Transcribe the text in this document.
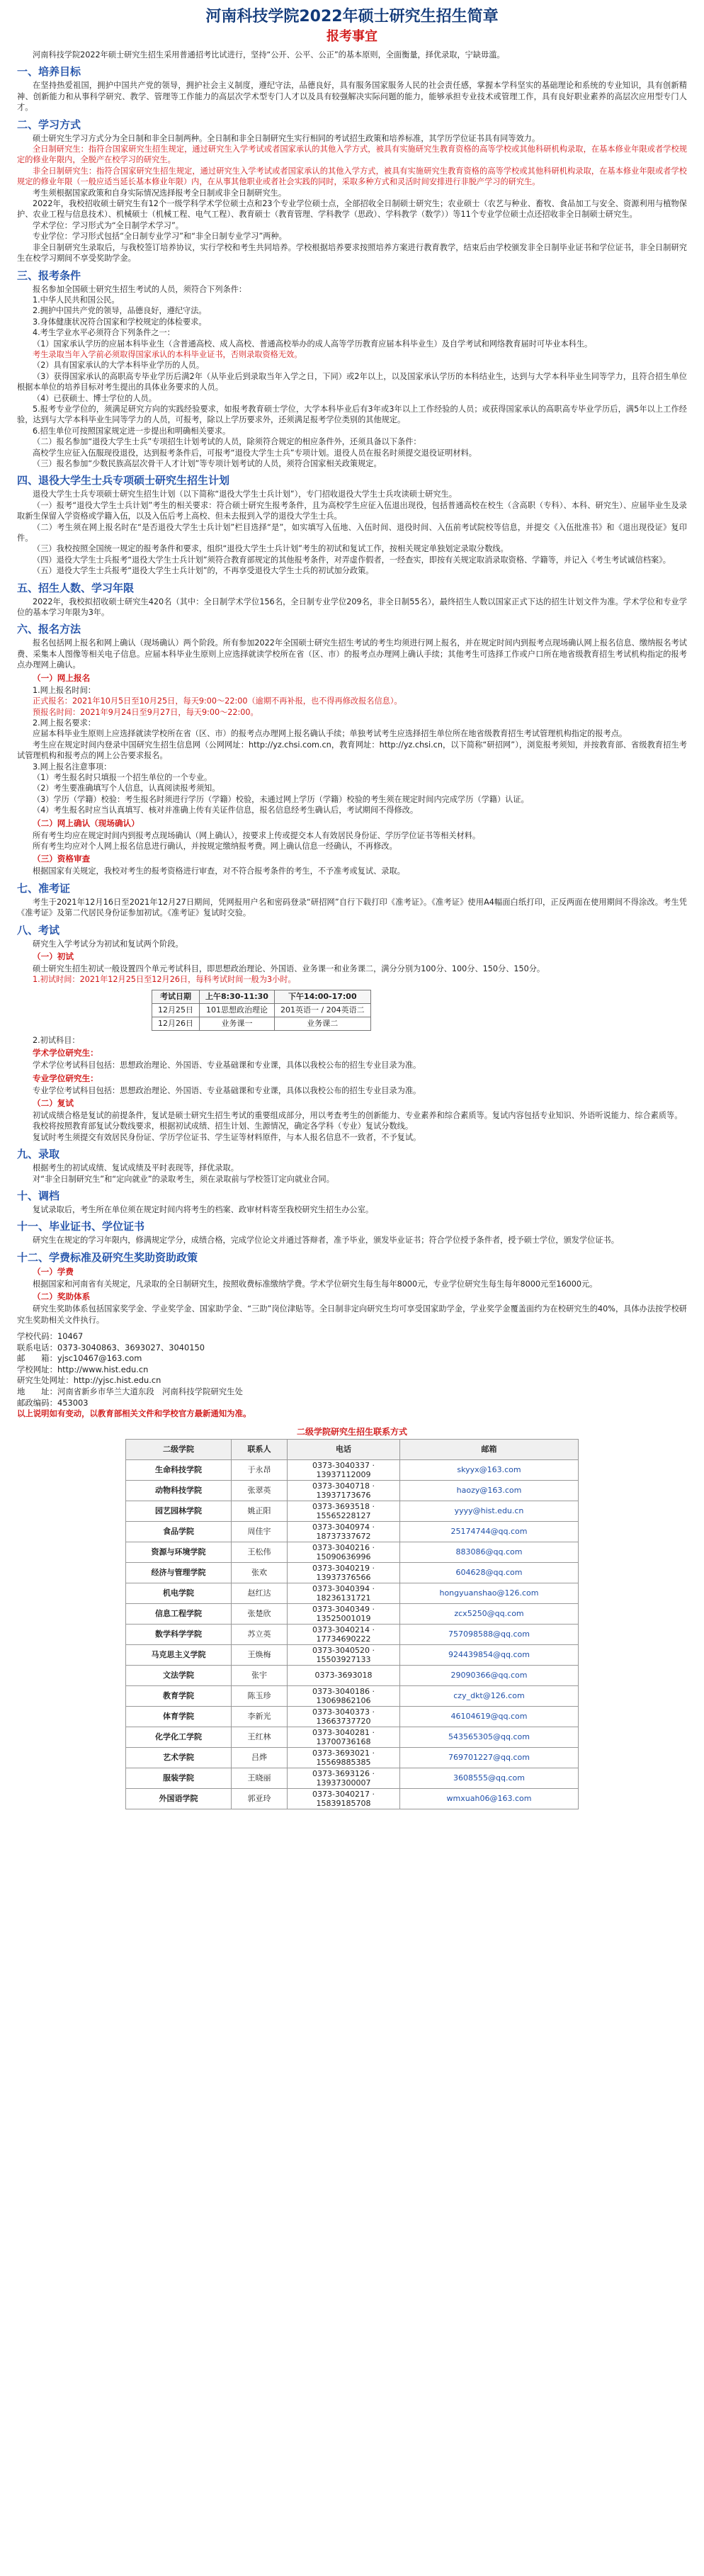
河南科技学院2022年硕士研究生招生简章
报考事宜

河南科技学院2022年硕士研究生招生采用普通招考比试进行，坚持“公开、公平、公正”的基本原则，全面衡量，择优录取，宁缺毋滥。

一、培养目标

在坚持热爱祖国，拥护中国共产党的领导，拥护社会主义制度，遵纪守法，品德良好，具有服务国家服务人民的社会责任感，掌握本学科坚实的基础理论和系统的专业知识，具有创新精神、创新能力和从事科学研究、教学、管理等工作能力的高层次学术型专门人才以及具有较强解决实际问题的能力，能够承担专业技术或管理工作，具有良好职业素养的高层次应用型专门人才。

二、学习方式

硕士研究生学习方式分为全日制和非全日制两种。全日制和非全日制研究生实行相同的考试招生政策和培养标准，其学历学位证书具有同等效力。

全日制研究生：指符合国家研究生招生规定，通过研究生入学考试或者国家承认的其他入学方式，被具有实施研究生教育资格的高等学校或其他科研机构录取，在基本修业年限或者学校规定的修业年限内，全脱产在校学习的研究生。

非全日制研究生：指符合国家研究生招生规定，通过研究生入学考试或者国家承认的其他入学方式，被具有实施研究生教育资格的高等学校或其他科研机构录取，在基本修业年限或者学校规定的修业年限（一般应适当延长基本修业年限）内，在从事其他职业或者社会实践的同时，采取多种方式和灵活时间安排进行非脱产学习的研究生。

考生须根据国家政策和自身实际情况选择报考全日制或非全日制研究生。

2022年，我校招收硕士研究生有12个一级学科学术学位硕士点和23个专业学位硕士点，全部招收全日制硕士研究生；农业硕士（农艺与种业、畜牧、食品加工与安全、资源利用与植物保护、农业工程与信息技术）、机械硕士（机械工程、电气工程）、教育硕士（教育管理、学科教学（思政）、学科教学（数学））等11个专业学位硕士点还招收非全日制硕士研究生。

学术学位：学习形式为“全日制学术学习”。

专业学位：学习形式包括“全日制专业学习”和“非全日制专业学习”两种。

非全日制研究生录取后，与我校签订培养协议，实行学校和考生共同培养。学校根据培养要求按照培养方案进行教育教学，结束后由学校颁发非全日制毕业证书和学位证书，非全日制研究生在校学习期间不享受奖助学金。

三、报考条件

报名参加全国硕士研究生招生考试的人员，须符合下列条件：

1.中华人民共和国公民。

2.拥护中国共产党的领导，品德良好，遵纪守法。

3.身体健康状况符合国家和学校规定的体检要求。

4.考生学业水平必须符合下列条件之一：

（1）国家承认学历的应届本科毕业生（含普通高校、成人高校、普通高校举办的成人高等学历教育应届本科毕业生）及自学考试和网络教育届时可毕业本科生。

考生录取当年入学前必须取得国家承认的本科毕业证书，否则录取资格无效。

（2）具有国家承认的大学本科毕业学历的人员。

（3）获得国家承认的高职高专毕业学历后满2年（从毕业后到录取当年入学之日，下同）或2年以上，以及国家承认学历的本科结业生，达到与大学本科毕业生同等学力，且符合招生单位根据本单位的培养目标对考生提出的具体业务要求的人员。

（4）已获硕士、博士学位的人员。

5.报考专业学位的，须满足研究方向的实践经验要求，如报考教育硕士学位，大学本科毕业后有3年或3年以上工作经验的人员；或获得国家承认的高职高专毕业学历后，满5年以上工作经验，达到与大学本科毕业生同等学力的人员，可报考，除以上学历要求外，还须满足报考学位类别的其他规定。

6.招生单位可按照国家规定进一步提出和明确相关要求。

（二）报名参加“退役大学生士兵”专项招生计划考试的人员，除须符合规定的相应条件外，还须具备以下条件：

高校学生应征入伍服现役退役，达到报考条件后，可报考“退役大学生士兵”专项计划。退役人员在报名时须提交退役证明材料。

（三）报名参加“少数民族高层次骨干人才计划”等专项计划考试的人员，须符合国家相关政策规定。

四、退役大学生士兵专项硕士研究生招生计划

退役大学生士兵专项硕士研究生招生计划（以下简称“退役大学生士兵计划”），专门招收退役大学生士兵攻读硕士研究生。

（一）报考“退役大学生士兵计划”考生的相关要求：符合硕士研究生报考条件，且为高校学生应征入伍退出现役，包括普通高校在校生（含高职（专科）、本科、研究生）、应届毕业生及录取新生保留入学资格或学籍入伍，以及入伍后考上高校、但未去报到入学的退役大学生士兵。

（二）考生须在网上报名时在“是否退役大学生士兵计划”栏目选择“是”，如实填写入伍地、入伍时间、退役时间、入伍前考试院校等信息，并提交《入伍批准书》和《退出现役证》复印件。

（三）我校按照全国统一规定的报考条件和要求，组织“退役大学生士兵计划”考生的初试和复试工作，按相关规定单独划定录取分数线。

（四）退役大学生士兵报考“退役大学生士兵计划”须符合教育部规定的其他报考条件，对弄虚作假者，一经查实，即按有关规定取消录取资格、学籍等，并记入《考生考试诚信档案》。

（五）退役大学生士兵报考“退役大学生士兵计划”的，不再享受退役大学生士兵的初试加分政策。

五、招生人数、学习年限

2022年，我校拟招收硕士研究生420名（其中：全日制学术学位156名，全日制专业学位209名，非全日制55名），最终招生人数以国家正式下达的招生计划文件为准。学术学位和专业学位的基本学习年限为3年。

六、报名方法

报名包括网上报名和网上确认（现场确认）两个阶段。所有参加2022年全国硕士研究生招生考试的考生均须进行网上报名，并在规定时间内到报考点现场确认网上报名信息、缴纳报名考试费、采集本人图像等相关电子信息。应届本科毕业生原则上应选择就读学校所在省（区、市）的报考点办理网上确认手续；其他考生可选择工作或户口所在地省级教育招生考试机构指定的报考点办理网上确认。

（一）网上报名

1.网上报名时间：

正式报名：2021年10月5日至10月25日，每天9:00～22:00（逾期不再补报，也不得再修改报名信息）。

预报名时间：2021年9月24日至9月27日，每天9:00～22:00。

2.网上报名要求：

应届本科毕业生原则上应选择就读学校所在省（区、市）的报考点办理网上报名确认手续；单独考试考生应选择招生单位所在地省级教育招生考试管理机构指定的报考点。

考生应在规定时间内登录中国研究生招生信息网（公网网址：http://yz.chsi.com.cn，教育网址：http://yz.chsi.cn，以下简称“研招网”），浏览报考须知，并按教育部、省级教育招生考试管理机构和报考点的网上公告要求报名。

3.网上报名注意事项：

（1）考生报名时只填报一个招生单位的一个专业。

（2）考生要准确填写个人信息，认真阅读报考须知。

（3）学历（学籍）校验：考生报名时须进行学历（学籍）校验，未通过网上学历（学籍）校验的考生须在规定时间内完成学历（学籍）认证。

（4）考生报名时应当认真填写、核对并准确上传有关证件信息，报名信息经考生确认后，考试期间不得修改。

（二）网上确认（现场确认）

所有考生均应在规定时间内到报考点现场确认（网上确认），按要求上传或提交本人有效居民身份证、学历学位证书等相关材料。

所有考生均应对个人网上报名信息进行确认，并按规定缴纳报考费。网上确认信息一经确认，不再修改。

（三）资格审查

根据国家有关规定，我校对考生的报考资格进行审查，对不符合报考条件的考生，不予准考或复试、录取。

七、准考证

考生于2021年12月16日至2021年12月27日期间，凭网报用户名和密码登录“研招网”自行下载打印《准考证》。《准考证》使用A4幅面白纸打印，正反两面在使用期间不得涂改。考生凭《准考证》及第二代居民身份证参加初试。《准考证》复试时交验。

八、考试

研究生入学考试分为初试和复试两个阶段。

（一）初试

硕士研究生招生初试一般设置四个单元考试科目，即思想政治理论、外国语、业务课一和业务课二，满分分别为100分、100分、150分、150分。

1.初试时间：2021年12月25日至12月26日，每科考试时间一般为3小时。

考试日期	上午8:30-11:30	下午14:00-17:00
12月25日	101思想政治理论	201英语一 / 204英语二
12月26日	业务课一	业务课二

2.初试科目：

学术学位研究生：

学术学位考试科目包括：思想政治理论、外国语、专业基础课和专业课，具体以我校公布的招生专业目录为准。

专业学位研究生：

专业学位考试科目包括：思想政治理论、外国语、专业基础课和专业课，具体以我校公布的招生专业目录为准。

（二）复试

初试成绩合格是复试的前提条件，复试是硕士研究生招生考试的重要组成部分，用以考查考生的创新能力、专业素养和综合素质等。复试内容包括专业知识、外语听说能力、综合素质等。

我校将按照教育部复试分数线要求，根据初试成绩、招生计划、生源情况，确定各学科（专业）复试分数线。

复试时考生须提交有效居民身份证、学历学位证书、学生证等材料原件，与本人报名信息不一致者，不予复试。

九、录取

根据考生的初试成绩、复试成绩及平时表现等，择优录取。

对“非全日制研究生”和“定向就业”的录取考生，须在录取前与学校签订定向就业合同。

十、调档

复试录取后，考生所在单位须在规定时间内将考生的档案、政审材料寄至我校研究生招生办公室。

十一、毕业证书、学位证书

研究生在规定的学习年限内，修满规定学分，成绩合格，完成学位论文并通过答辩者，准予毕业，颁发毕业证书；符合学位授予条件者，授予硕士学位，颁发学位证书。

十二、学费标准及研究生奖助资助政策
（一）学费

根据国家和河南省有关规定，凡录取的全日制研究生，按照收费标准缴纳学费。学术学位研究生每生每年8000元，专业学位研究生每生每年8000元至16000元。

（二）奖助体系

研究生奖助体系包括国家奖学金、学业奖学金、国家助学金、“三助”岗位津贴等。全日制非定向研究生均可享受国家助学金，学业奖学金覆盖面约为在校研究生的40%，具体办法按学校研究生奖助相关文件执行。

学校代码：10467

联系电话：0373-3040863、3693027、3040150

邮　　箱：yjsc10467@163.com

学校网址：http://www.hist.edu.cn

研究生处网址：http://yjsc.hist.edu.cn

地　　址：河南省新乡市华兰大道东段　河南科技学院研究生处

邮政编码：453003

以上说明如有变动，以教育部相关文件和学校官方最新通知为准。

二级学院研究生招生联系方式
二级学院	联系人	电话	邮箱
生命科技学院	于永昂	0373-3040337 · 13937112009	skyyx@163.com
动物科技学院	张翠英	0373-3040718 · 13937173676	haozy@163.com
园艺园林学院	姚正阳	0373-3693518 · 15565228127	yyyy@hist.edu.cn
食品学院	周佳宇	0373-3040974 · 18737337672	25174744@qq.com
资源与环境学院	王松伟	0373-3040216 · 15090636996	883086@qq.com
经济与管理学院	张欢	0373-3040219 · 13937376566	604628@qq.com
机电学院	赵红达	0373-3040394 · 18236131721	hongyuanshao@126.com
信息工程学院	张楚欣	0373-3040349 · 13525001019	zcx5250@qq.com
数学科学学院	苏立英	0373-3040214 · 17734690222	757098588@qq.com
马克思主义学院	王焕梅	0373-3040520 · 15503927133	924439854@qq.com
文法学院	张宇	0373-3693018	29090366@qq.com
教育学院	陈玉珍	0373-3040186 · 13069862106	czy_dkt@126.com
体育学院	李新光	0373-3040373 · 13663737720	46104619@qq.com
化学化工学院	王红林	0373-3040281 · 13700736168	543565305@qq.com
艺术学院	吕烨	0373-3693021 · 15569885385	769701227@qq.com
服装学院	王晓丽	0373-3693126 · 13937300007	3608555@qq.com
外国语学院	郭亚玲	0373-3040217 · 15839185708	wmxuah06@163.com
